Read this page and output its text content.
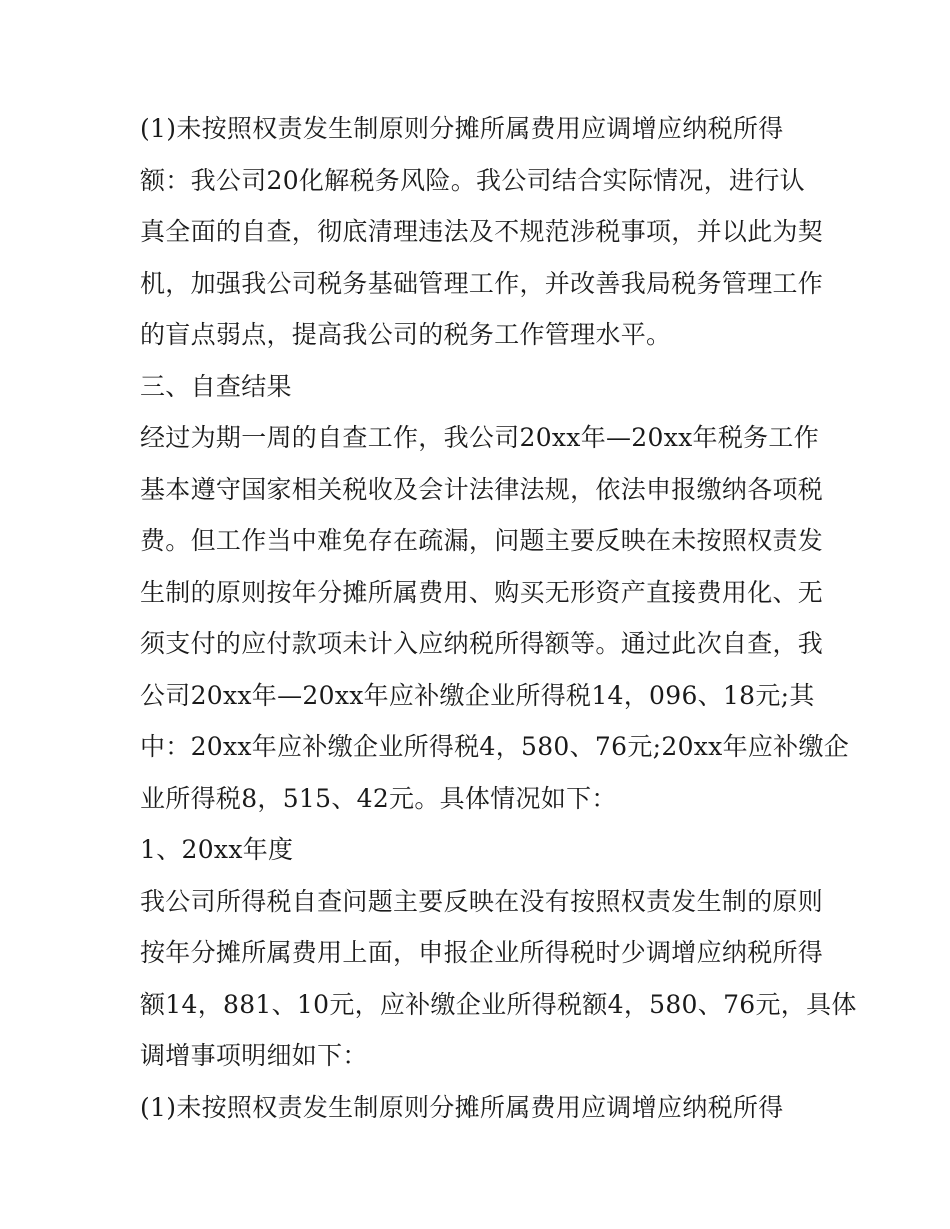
(1)未按照权责发生制原则分摊所属费用应调增应纳税所得
额：我公司20化解税务风险。我公司结合实际情况，进行认
真全面的自查，彻底清理违法及不规范涉税事项，并以此为契
机，加强我公司税务基础管理工作，并改善我局税务管理工作
的盲点弱点，提高我公司的税务工作管理水平。
三、自查结果
经过为期一周的自查工作，我公司20xx年—20xx年税务工作
基本遵守国家相关税收及会计法律法规，依法申报缴纳各项税
费。但工作当中难免存在疏漏，问题主要反映在未按照权责发
生制的原则按年分摊所属费用、购买无形资产直接费用化、无
须支付的应付款项未计入应纳税所得额等。通过此次自查，我
公司20xx年—20xx年应补缴企业所得税14，096、18元;其
中：20xx年应补缴企业所得税4，580、76元;20xx年应补缴企
业所得税8，515、42元。具体情况如下：
1、20xx年度
我公司所得税自查问题主要反映在没有按照权责发生制的原则
按年分摊所属费用上面，申报企业所得税时少调增应纳税所得
额14，881、10元，应补缴企业所得税额4，580、76元，具体
调增事项明细如下：
(1)未按照权责发生制原则分摊所属费用应调增应纳税所得
